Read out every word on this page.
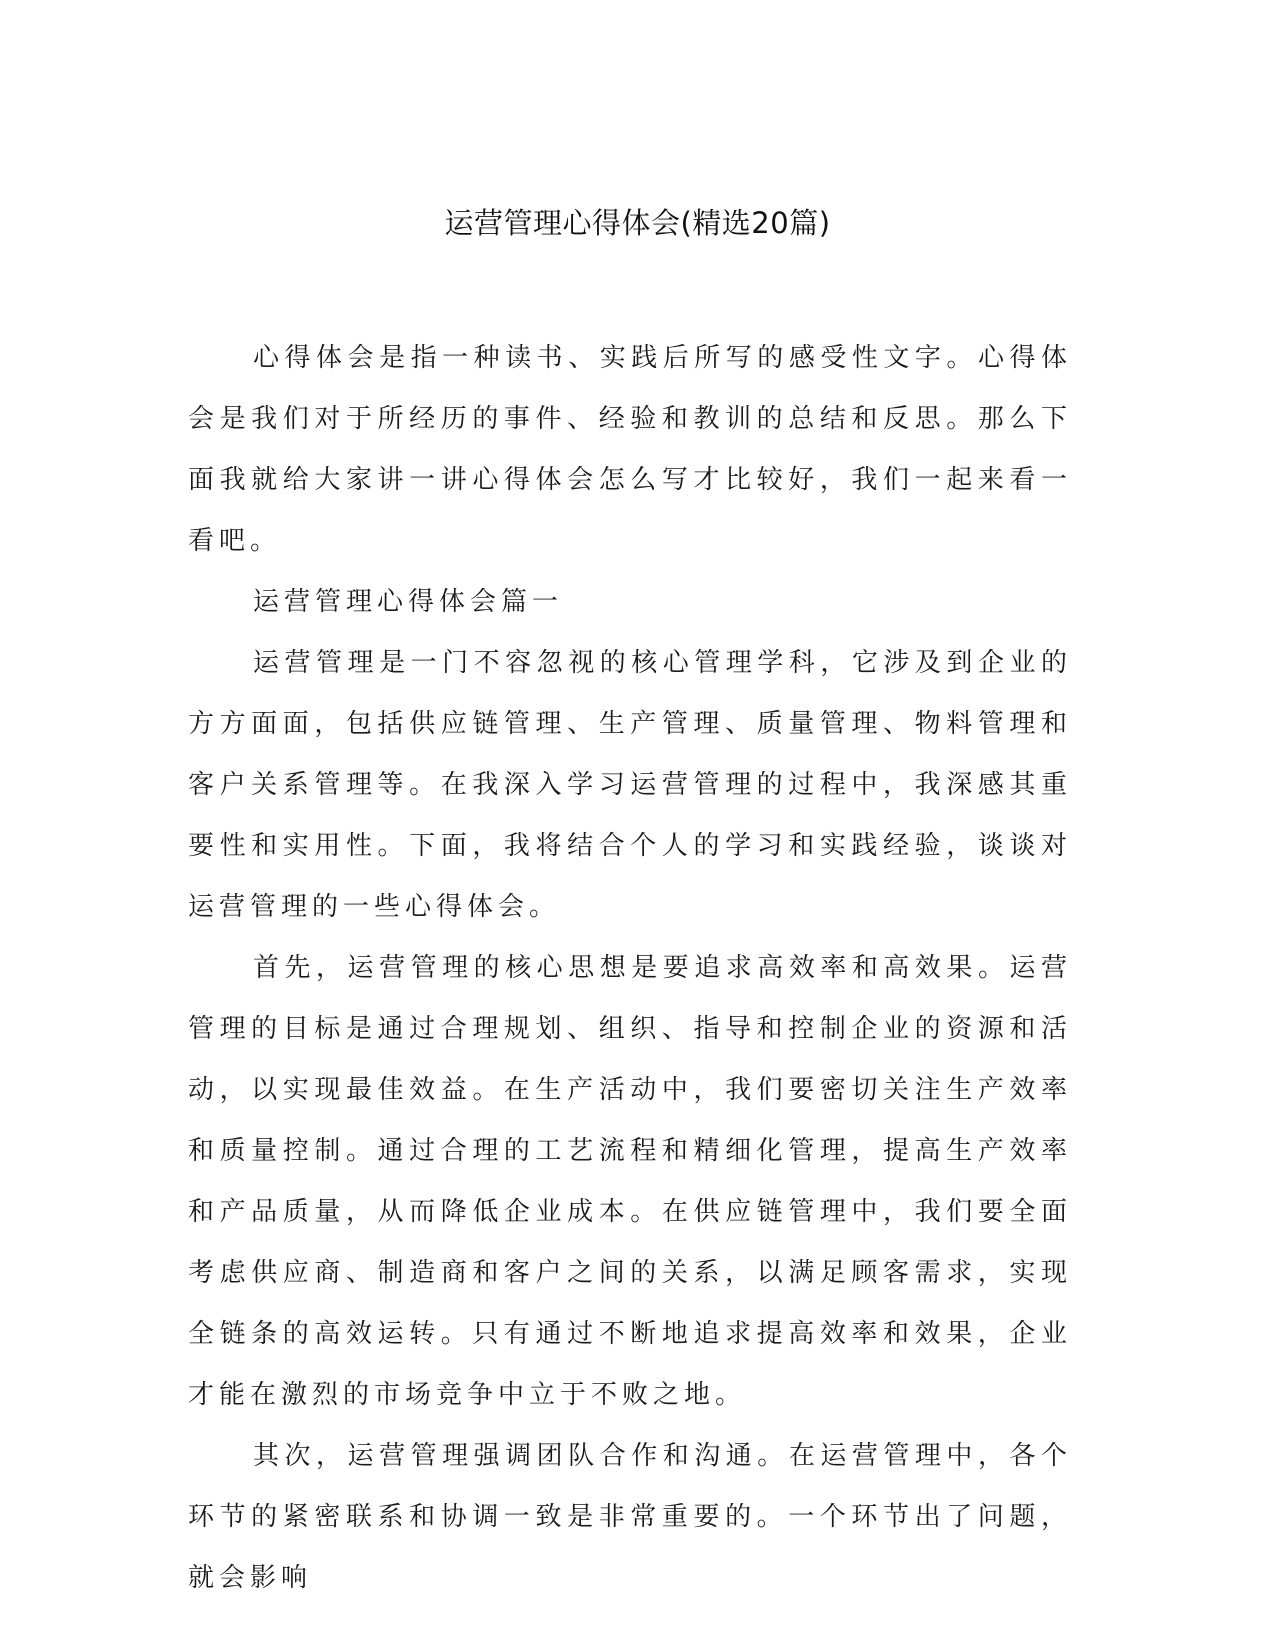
运营管理心得体会(精选20篇)

心得体会是指一种读书、实践后所写的感受性文字。心得体会是我们对于所经历的事件、经验和教训的总结和反思。那么下面我就给大家讲一讲心得体会怎么写才比较好，我们一起来看一看吧。

运营管理心得体会篇一

运营管理是一门不容忽视的核心管理学科，它涉及到企业的方方面面，包括供应链管理、生产管理、质量管理、物料管理和客户关系管理等。在我深入学习运营管理的过程中，我深感其重要性和实用性。下面，我将结合个人的学习和实践经验，谈谈对运营管理的一些心得体会。

首先，运营管理的核心思想是要追求高效率和高效果。运营管理的目标是通过合理规划、组织、指导和控制企业的资源和活动，以实现最佳效益。在生产活动中，我们要密切关注生产效率和质量控制。通过合理的工艺流程和精细化管理，提高生产效率和产品质量，从而降低企业成本。在供应链管理中，我们要全面考虑供应商、制造商和客户之间的关系，以满足顾客需求，实现全链条的高效运转。只有通过不断地追求提高效率和效果，企业才能在激烈的市场竞争中立于不败之地。

其次，运营管理强调团队合作和沟通。在运营管理中，各个环节的紧密联系和协调一致是非常重要的。一个环节出了问题，就会影响
